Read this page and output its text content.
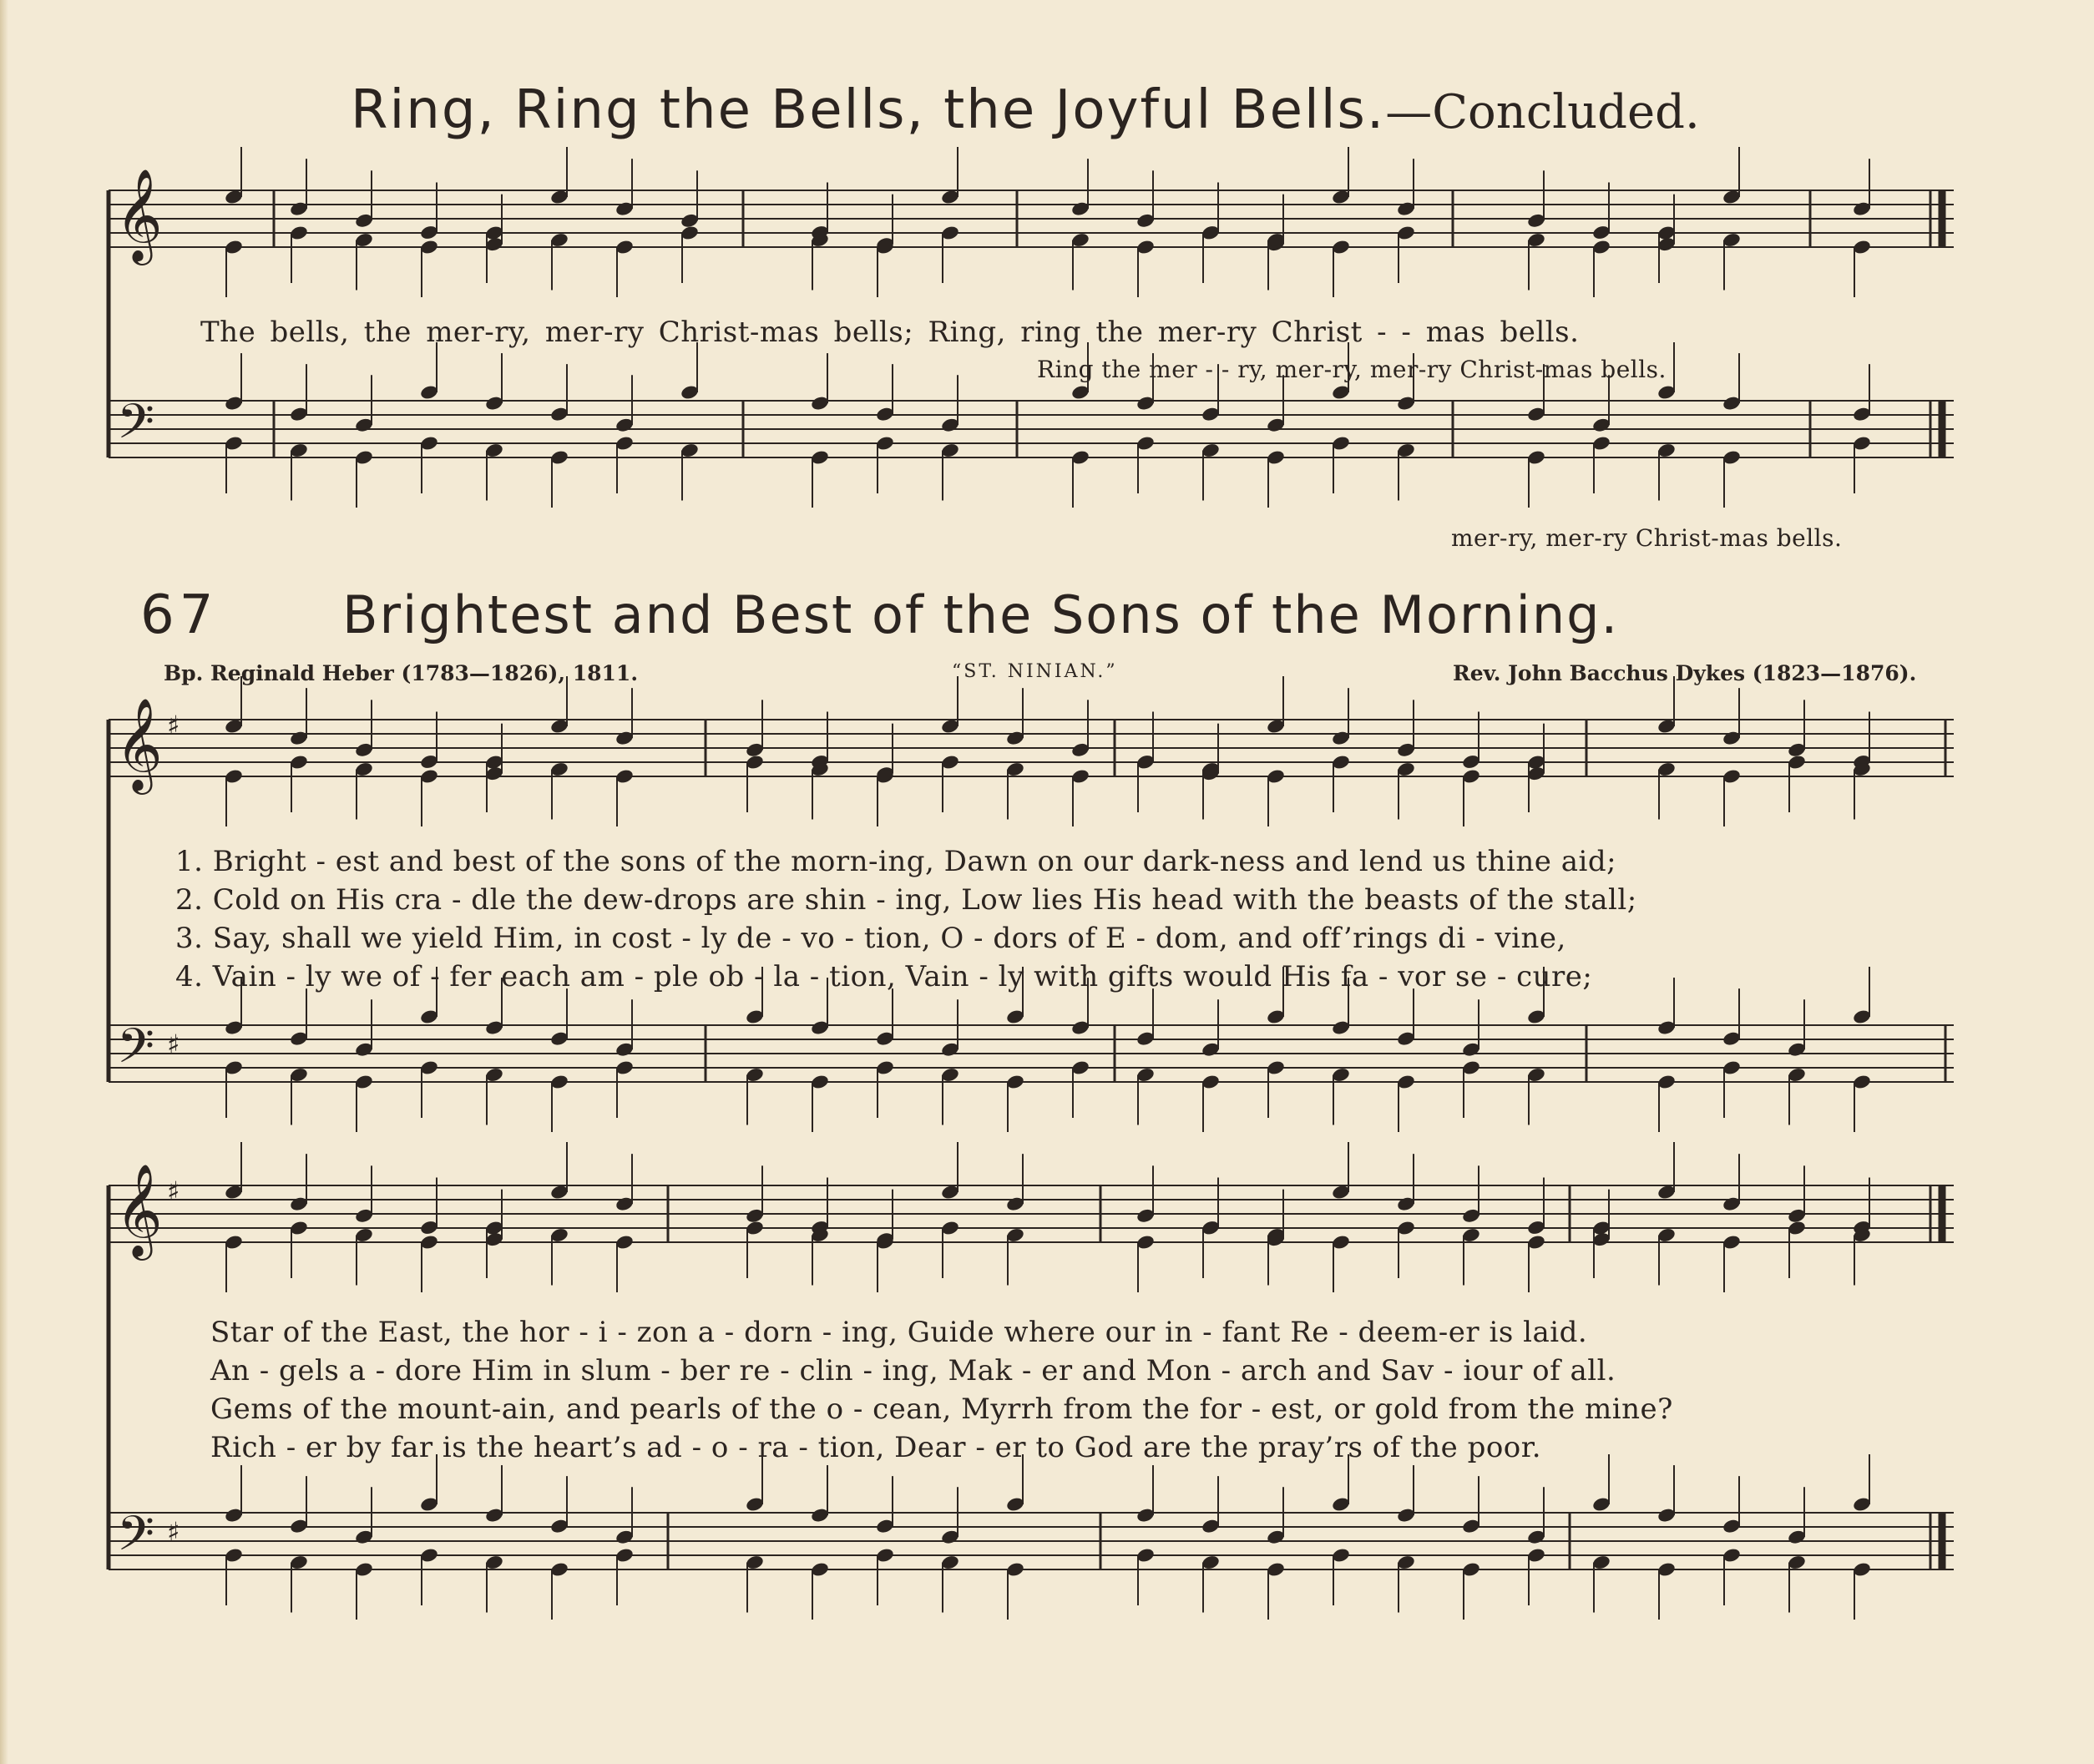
𝄞
𝄢
𝄞
𝄢
♯
♯
𝄞
𝄢
♯
♯
Ring, Ring the Bells, the Joyful Bells.—Concluded.
The bells, the mer-ry, mer-ry Christ-mas bells; Ring, ring the mer-ry Christ - - mas bells.
Ring the mer - - ry, mer-ry, mer-ry Christ-mas bells.
mer-ry, mer-ry Christ-mas bells.
67 Brightest and Best of the Sons of the Morning.
Bp. Reginald Heber (1783—1826), 1811.	“ST. NINIAN.”	Rev. John Bacchus Dykes (1823—1876).
1. Bright - est and best of the sons of the morn-ing, Dawn on our dark-ness and lend us thine aid;
2. Cold on His cra - dle the dew-drops are shin - ing, Low lies His head with the beasts of the stall;
3. Say, shall we yield Him, in cost - ly de - vo - tion, O - dors of E - dom, and off’rings di - vine,
4. Vain - ly we of - fer each am - ple ob - la - tion, Vain - ly with gifts would His fa - vor se - cure;
Star of the East, the hor - i - zon a - dorn - ing, Guide where our in - fant Re - deem-er is laid.
An - gels a - dore Him in slum - ber re - clin - ing, Mak - er and Mon - arch and Sav - iour of all.
Gems of the mount-ain, and pearls of the o - cean, Myrrh from the for - est, or gold from the mine?
Rich - er by far is the heart’s ad - o - ra - tion, Dear - er to God are the pray’rs of the poor.
